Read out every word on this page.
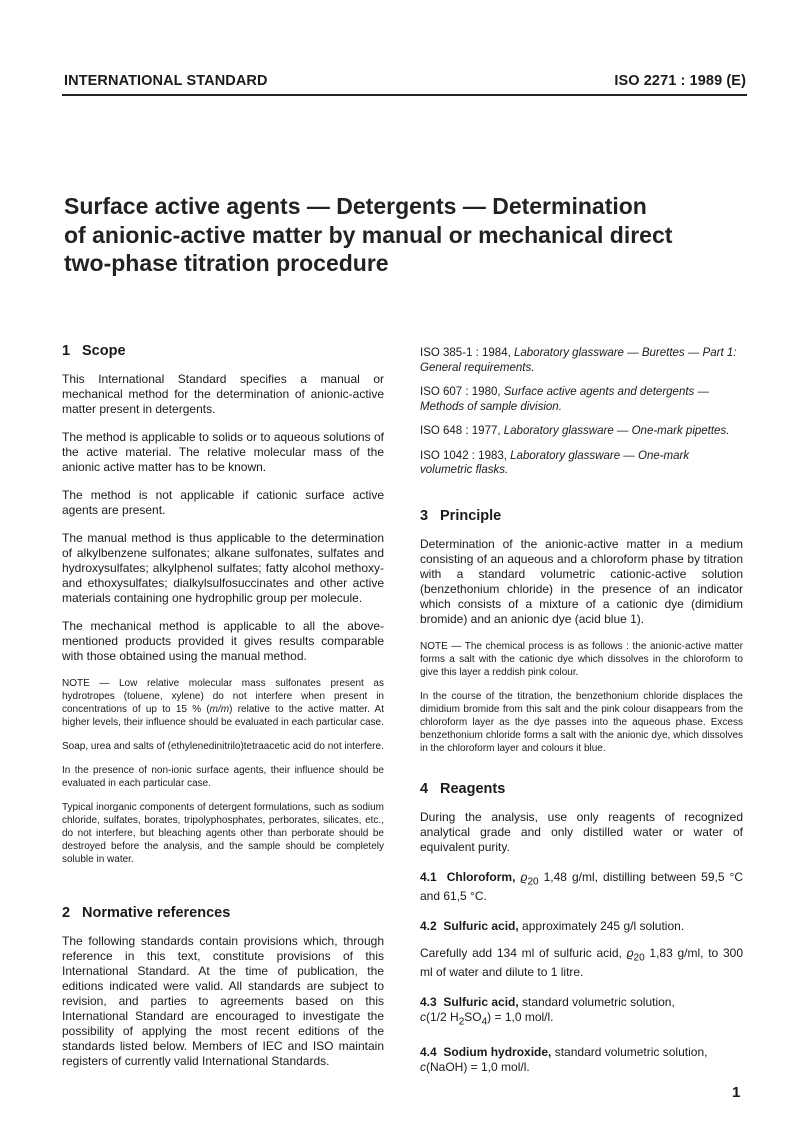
INTERNATIONAL STANDARD	ISO 2271 : 1989 (E)
Surface active agents — Detergents — Determination
of anionic-active matter by manual or mechanical direct
two-phase titration procedure
1 Scope

This International Standard specifies a manual or mechanical method for the determination of anionic-active matter present in detergents.

The method is applicable to solids or to aqueous solutions of the active material. The relative molecular mass of the anionic active matter has to be known.

The method is not applicable if cationic surface active agents are present.

The manual method is thus applicable to the determination of alkylbenzene sulfonates; alkane sulfonates, sulfates and hydroxysulfates; alkylphenol sulfates; fatty alcohol methoxy- and ethoxysulfates; dialkylsulfosuccinates and other active materials containing one hydrophilic group per molecule.

The mechanical method is applicable to all the above-mentioned products provided it gives results comparable with those obtained using the manual method.

NOTE — Low relative molecular mass sulfonates present as hydrotropes (toluene, xylene) do not interfere when present in concentrations of up to 15 % (m/m) relative to the active matter. At higher levels, their influence should be evaluated in each particular case.

Soap, urea and salts of (ethylenedinitrilo)tetraacetic acid do not interfere.

In the presence of non-ionic surface agents, their influence should be evaluated in each particular case.

Typical inorganic components of detergent formulations, such as sodium chloride, sulfates, borates, tripolyphosphates, perborates, silicates, etc., do not interfere, but bleaching agents other than perborate should be destroyed before the analysis, and the sample should be completely soluble in water.

2 Normative references

The following standards contain provisions which, through reference in this text, constitute provisions of this International Standard. At the time of publication, the editions indicated were valid. All standards are subject to revision, and parties to agreements based on this International Standard are encouraged to investigate the possibility of applying the most recent editions of the standards listed below. Members of IEC and ISO maintain registers of currently valid International Standards.

ISO 385-1 : 1984, Laboratory glassware — Burettes — Part 1: General requirements.

ISO 607 : 1980, Surface active agents and detergents — Methods of sample division.

ISO 648 : 1977, Laboratory glassware — One-mark pipettes.

ISO 1042 : 1983, Laboratory glassware — One-mark volumetric flasks.

3 Principle

Determination of the anionic-active matter in a medium consisting of an aqueous and a chloroform phase by titration with a standard volumetric cationic-active solution (benzethonium chloride) in the presence of an indicator which consists of a mixture of a cationic dye (dimidium bromide) and an anionic dye (acid blue 1).

NOTE — The chemical process is as follows : the anionic-active matter forms a salt with the cationic dye which dissolves in the chloroform to give this layer a reddish pink colour.

In the course of the titration, the benzethonium chloride displaces the dimidium bromide from this salt and the pink colour disappears from the chloroform layer as the dye passes into the aqueous phase. Excess benzethonium chloride forms a salt with the anionic dye, which dissolves in the chloroform layer and colours it blue.

4 Reagents

During the analysis, use only reagents of recognized analytical grade and only distilled water or water of equivalent purity.

4.1 Chloroform, $ϱ_{20}$ 1,48 g/ml, distilling between 59,5 °C and 61,5 °C.

4.2 Sulfuric acid, approximately 245 g/l solution.

Carefully add 134 ml of sulfuric acid, $ϱ_{20}$ 1,83 g/ml, to 300 ml of water and dilute to 1 litre.

4.3 Sulfuric acid, standard volumetric solution,
c(1/2 $H_2SO_4) = 1,0$ mol/l.

4.4 Sodium hydroxide, standard volumetric solution,
c(NaOH) = 1,0 mol/l.

1
